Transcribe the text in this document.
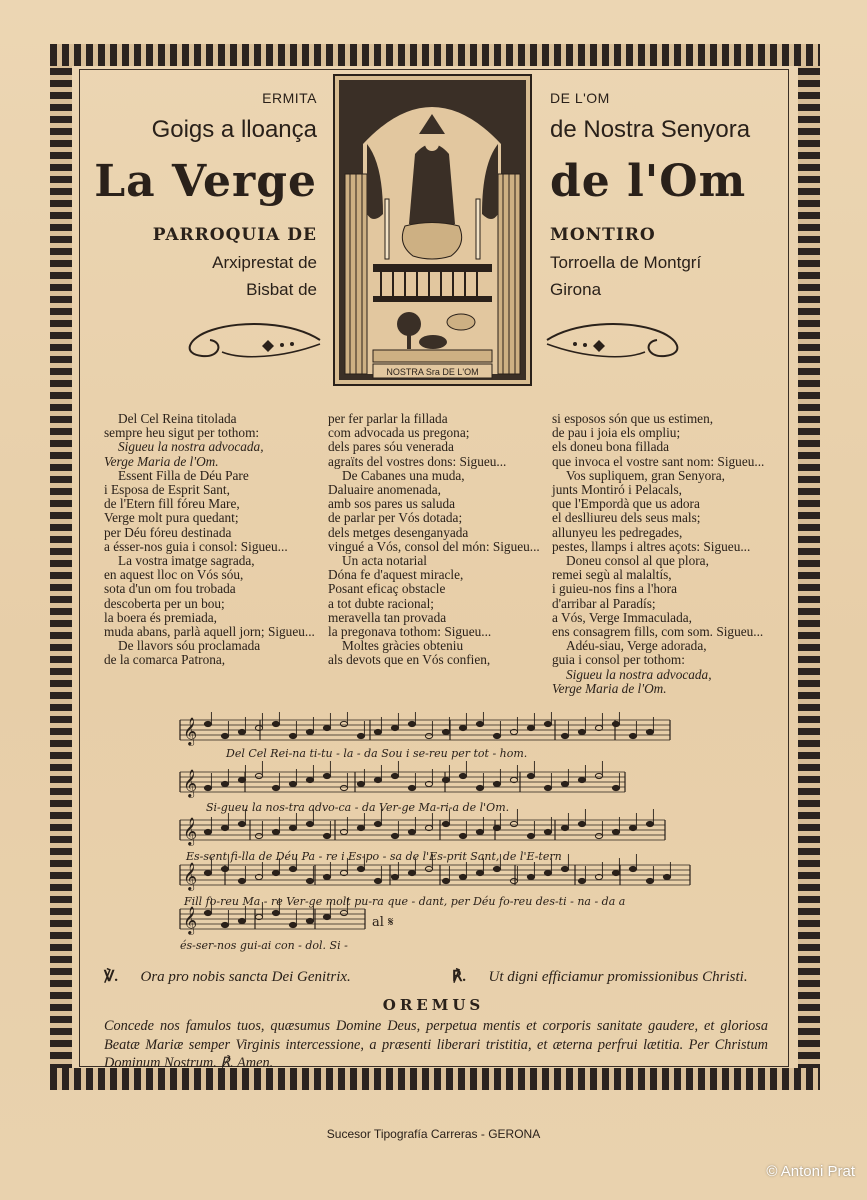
ERMITA
Goigs a lloança
La Verge
PARROQUIA DE
Arxiprestat de
Bisbat de
DE L'OM
de Nostra Senyora
de l'Om
MONTIRO
Torroella de Montgrí
Girona
NOSTRA Sra DE L'OM
Del Cel Reina titolada
sempre heu sigut per tothom:
Sigueu la nostra advocada,
Verge Maria de l'Om.
Essent Filla de Déu Pare
i Esposa de Esprit Sant,
de l'Etern fill fóreu Mare,
Verge molt pura quedant;
per Déu fóreu destinada
a ésser-nos guia i consol: Sigueu...
La vostra imatge sagrada,
en aquest lloc on Vós sóu,
sota d'un om fou trobada
descoberta per un bou;
la boera és premiada,
muda abans, parlà aquell jorn; Sigueu...
De llavors sóu proclamada
de la comarca Patrona,
per fer parlar la fillada
com advocada us pregona;
dels pares sóu venerada
agraïts del vostres dons: Sigueu...
De Cabanes una muda,
Daluaire anomenada,
amb sos pares us saluda
de parlar per Vós dotada;
dels metges desenganyada
vingué a Vós, consol del món: Sigueu...
Un acta notarial
Dóna fe d'aquest miracle,
Posant eficaç obstacle
a tot dubte racional;
meravella tan provada
la pregonava tothom: Sigueu...
Moltes gràcies obteniu
als devots que en Vós confien,
si esposos són que us estimen,
de pau i joia els ompliu;
els doneu bona fillada
que invoca el vostre sant nom: Sigueu...
Vos supliquem, gran Senyora,
junts Montiró i Pelacals,
que l'Empordà que us adora
el deslliureu dels seus mals;
allunyeu les pedregades,
pestes, llamps i altres açots: Sigueu...
Doneu consol al que plora,
remei segù al malaltís,
i guieu-nos fins a l'hora
d'arribar al Paradís;
a Vós, Verge Immaculada,
ens consagrem fills, com som. Sigueu...
Adéu-siau, Verge adorada,
guia i consol per tothom:
Sigueu la nostra advocada,
Verge Maria de l'Om.
𝄞
𝄞
𝄞
𝄞
𝄞
Del Cel Rei-na ti-tu - la - da Sou i se-reu per tot - hom.
Si-gueu la nos-tra advo-ca - da Ver-ge Ma-ri-a de l'Om.
Es-sent fi-lla de Déu Pa - re i Es-po - sa de l'Es-prit Sant, de l'E-tern
Fill fo-reu Ma - re Ver-ge molt pu-ra que - dant, per Déu fo-reu des-ti - na - da a
és-ser-nos gui-ai con - dol. Si -
al 𝄋
℣. Ora pro nobis sancta Dei Genitrix.	℟. Ut digni efficiamur promissionibus Christi.
OREMUS
Concede nos famulos tuos, quæsumus Domine Deus, perpetua mentis et corporis sanitate gaudere, et gloriosa Beatæ Mariæ semper Virginis intercessione, a præsenti liberari tristitia, et æterna perfrui lætitia. Per Christum Dominum Nostrum. ℟. Amen.
Sucesor Tipografía Carreras - GERONA
© Antoni Prat
